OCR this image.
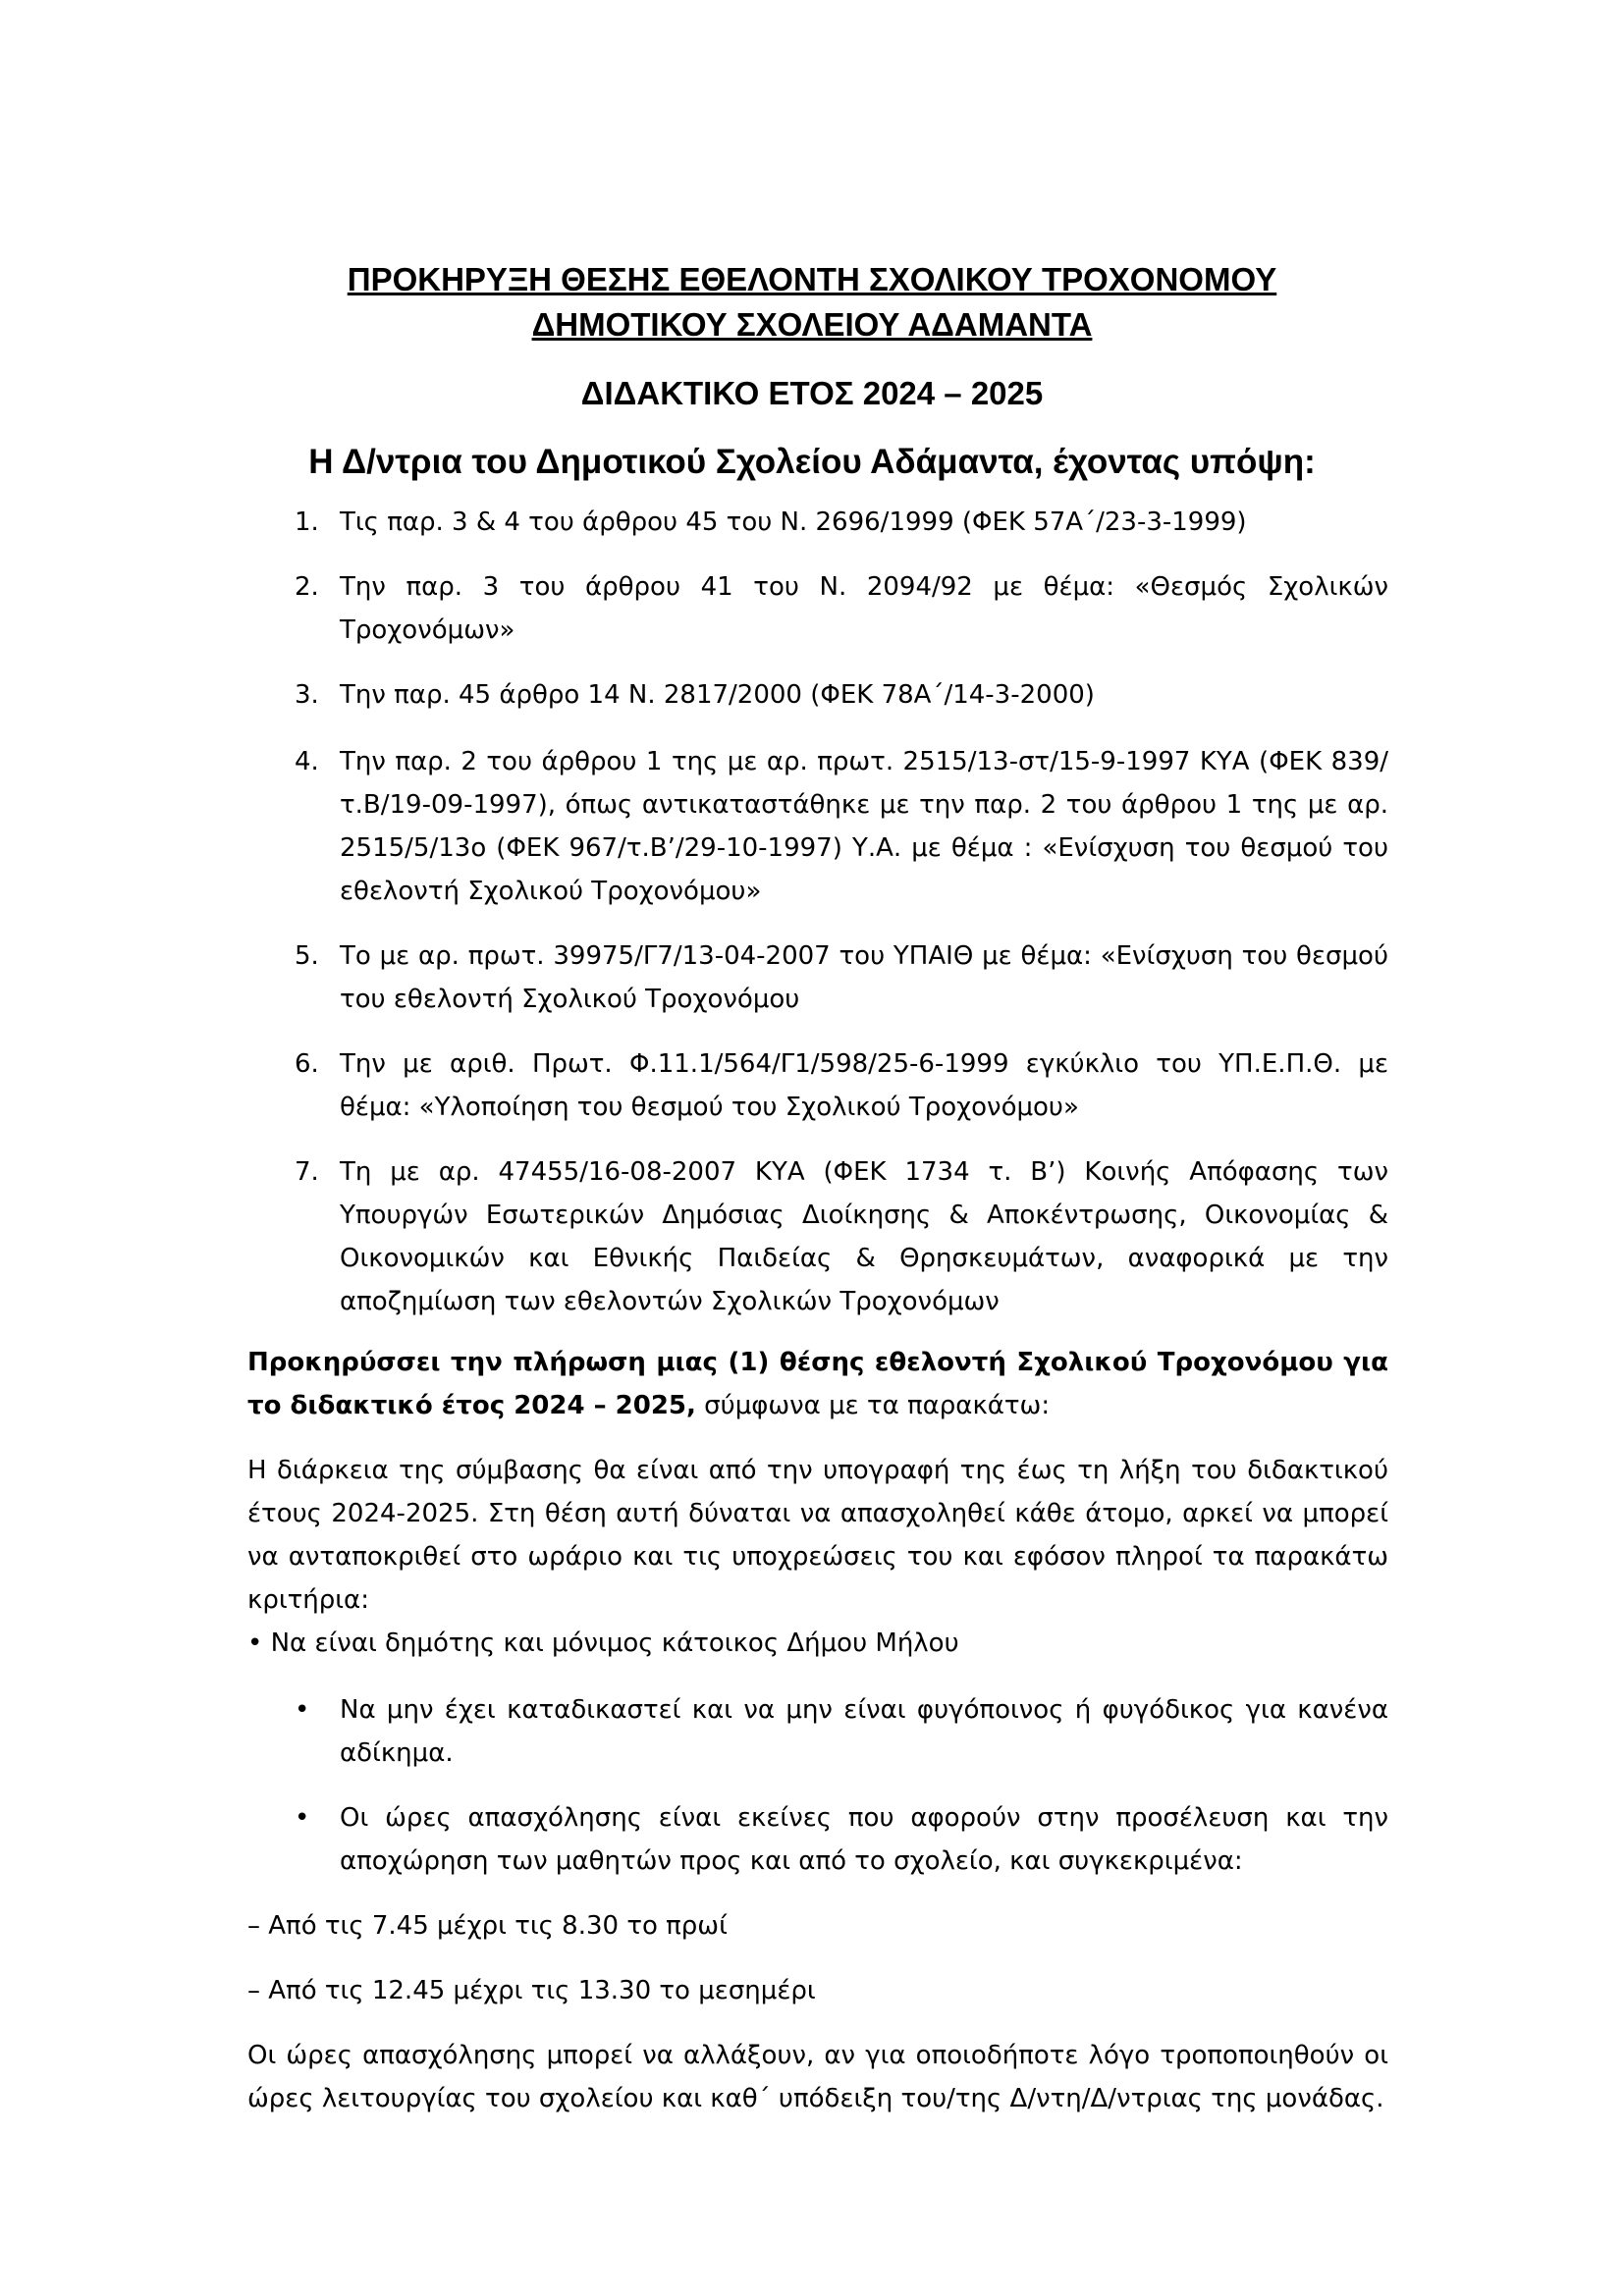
ΠΡΟΚΗΡΥΞΗ ΘΕΣΗΣ ΕΘΕΛΟΝΤΗ ΣΧΟΛΙΚΟΥ ΤΡΟΧΟΝΟΜΟΥ
ΔΗΜΟΤΙΚΟΥ ΣΧΟΛΕΙΟΥ ΑΔΑΜΑΝΤΑ
ΔΙΔΑΚΤΙΚΟ ΕΤΟΣ 2024 – 2025
Η Δ/ντρια του Δημοτικού Σχολείου Αδάμαντα, έχοντας υπόψη:
1. Τις παρ. 3 & 4 του άρθρου 45 του Ν. 2696/1999 (ΦΕΚ 57Α΄/23-3-1999)
2. Την παρ. 3 του άρθρου 41 του Ν. 2094/92 με θέμα: «Θεσμός Σχολικών Τροχονόμων»
3. Την παρ. 45 άρθρο 14 Ν. 2817/2000 (ΦΕΚ 78Α΄/14-3-2000)
4. Την παρ. 2 του άρθρου 1 της με αρ. πρωτ. 2515/13-στ/15-9-1997 ΚΥΑ (ΦΕΚ 839/τ.Β/19-09-1997), όπως αντικαταστάθηκε με την παρ. 2 του άρθρου 1 της με αρ. 2515/5/13ο (ΦΕΚ 967/τ.Β’/29-10-1997) Υ.Α. με θέμα : «Ενίσχυση του θεσμού του εθελοντή Σχολικού Τροχονόμου»
5. Το με αρ. πρωτ. 39975/Γ7/13-04-2007 του ΥΠΑΙΘ με θέμα: «Ενίσχυση του θεσμού του εθελοντή Σχολικού Τροχονόμου
6. Την με αριθ. Πρωτ. Φ.11.1/564/Γ1/598/25-6-1999 εγκύκλιο του ΥΠ.Ε.Π.Θ. με θέμα: «Υλοποίηση του θεσμού του Σχολικού Τροχονόμου»
7. Τη με αρ. 47455/16-08-2007 ΚΥΑ (ΦΕΚ 1734 τ. Β’) Κοινής Απόφασης των Υπουργών Εσωτερικών Δημόσιας Διοίκησης & Αποκέντρωσης, Οικονομίας & Οικονομικών και Εθνικής Παιδείας & Θρησκευμάτων, αναφορικά με την αποζημίωση των εθελοντών Σχολικών Τροχονόμων
Προκηρύσσει την πλήρωση μιας (1) θέσης εθελοντή Σχολικού Τροχονόμου για το διδακτικό έτος 2024 – 2025, σύμφωνα με τα παρακάτω:
Η διάρκεια της σύμβασης θα είναι από την υπογραφή της έως τη λήξη του διδακτικού έτους 2024-2025. Στη θέση αυτή δύναται να απασχοληθεί κάθε άτομο, αρκεί να μπορεί να ανταποκριθεί στο ωράριο και τις υποχρεώσεις του και εφόσον πληροί τα παρακάτω κριτήρια:
• Να είναι δημότης και μόνιμος κάτοικος Δήμου Μήλου
• Να μην έχει καταδικαστεί και να μην είναι φυγόποινος ή φυγόδικος για κανένα αδίκημα.
• Οι ώρες απασχόλησης είναι εκείνες που αφορούν στην προσέλευση και την αποχώρηση των μαθητών προς και από το σχολείο, και συγκεκριμένα:
– Από τις 7.45 μέχρι τις 8.30 το πρωί
– Από τις 12.45 μέχρι τις 13.30 το μεσημέρι
Οι ώρες απασχόλησης μπορεί να αλλάξουν, αν για οποιοδήποτε λόγο τροποποιηθούν οι ώρες λειτουργίας του σχολείου και καθ΄ υπόδειξη του/της Δ/ντη/Δ/ντριας της μονάδας.
